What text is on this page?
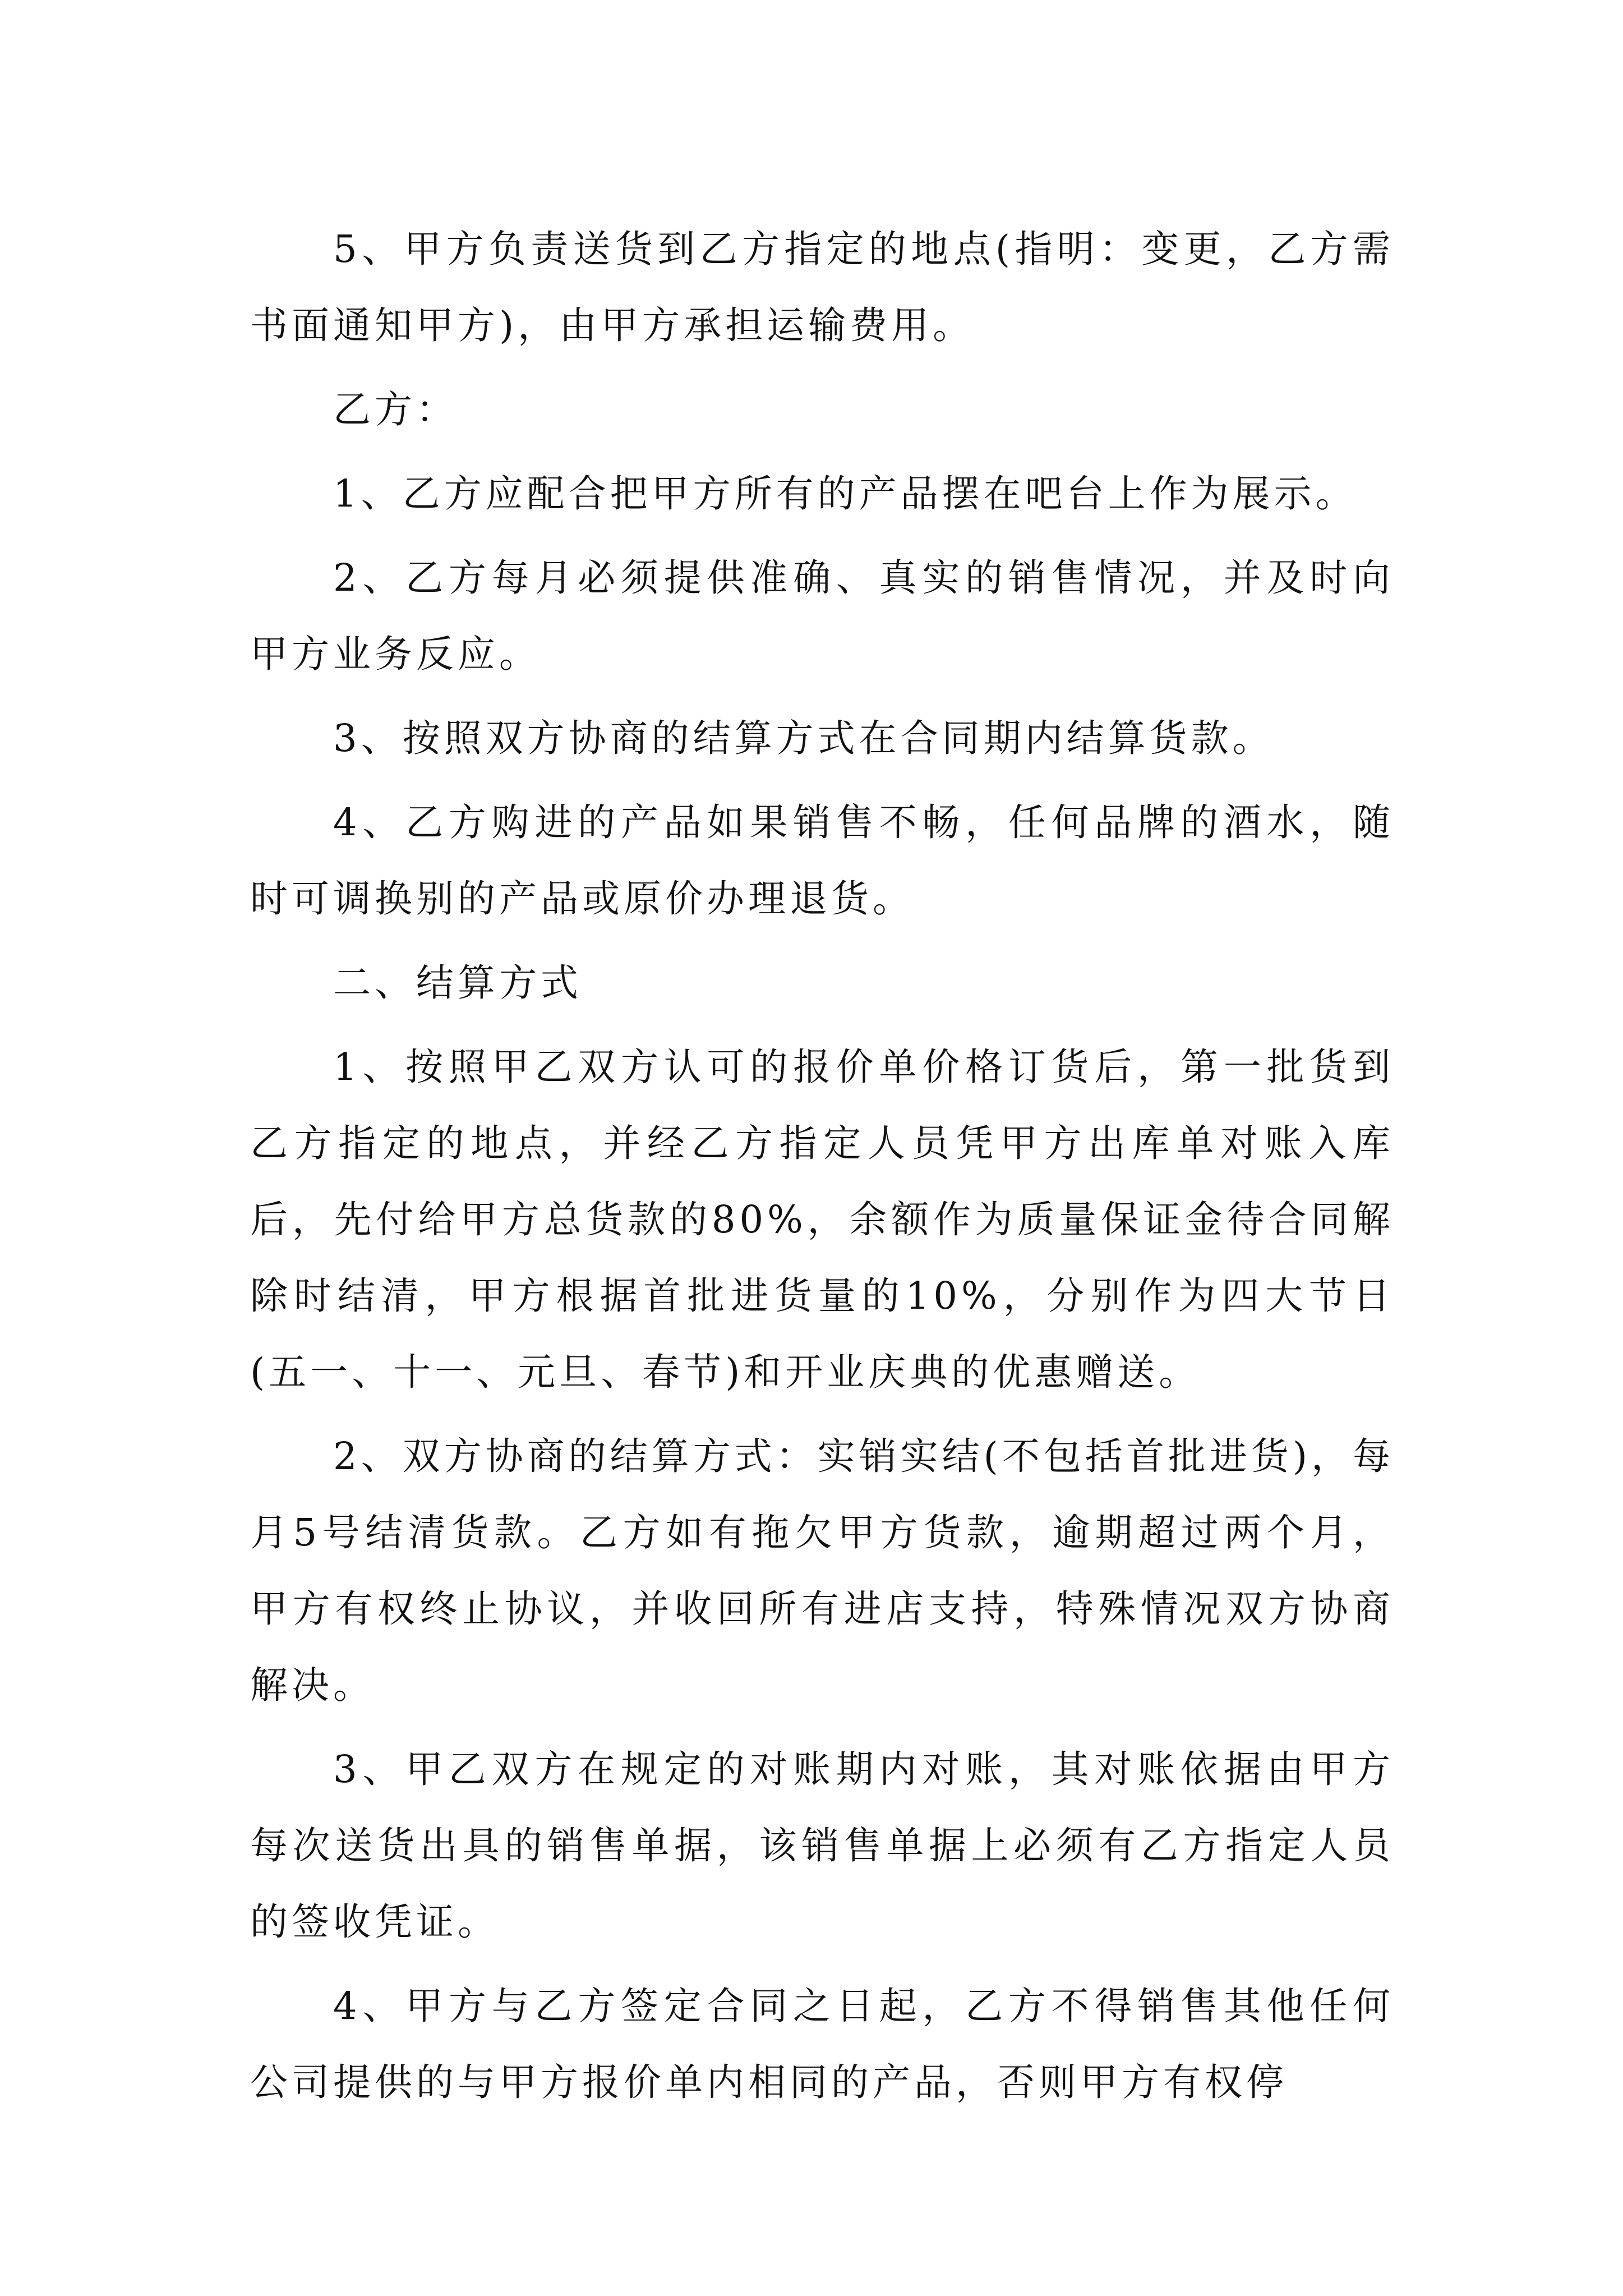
5、甲方负责送货到乙方指定的地点(指明：变更，乙方需书面通知甲方)，由甲方承担运输费用。

乙方：

1、乙方应配合把甲方所有的产品摆在吧台上作为展示。

2、乙方每月必须提供准确、真实的销售情况，并及时向甲方业务反应。

3、按照双方协商的结算方式在合同期内结算货款。

4、乙方购进的产品如果销售不畅，任何品牌的酒水，随时可调换别的产品或原价办理退货。

二、结算方式

1、按照甲乙双方认可的报价单价格订货后，第一批货到乙方指定的地点，并经乙方指定人员凭甲方出库单对账入库后，先付给甲方总货款的80%，余额作为质量保证金待合同解除时结清，甲方根据首批进货量的10%，分别作为四大节日(五一、十一、元旦、春节)和开业庆典的优惠赠送。

2、双方协商的结算方式：实销实结(不包括首批进货)，每月5号结清货款。乙方如有拖欠甲方货款，逾期超过两个月，甲方有权终止协议，并收回所有进店支持，特殊情况双方协商解决。

3、甲乙双方在规定的对账期内对账，其对账依据由甲方每次送货出具的销售单据，该销售单据上必须有乙方指定人员的签收凭证。

4、甲方与乙方签定合同之日起，乙方不得销售其他任何公司提供的与甲方报价单内相同的产品，否则甲方有权停
